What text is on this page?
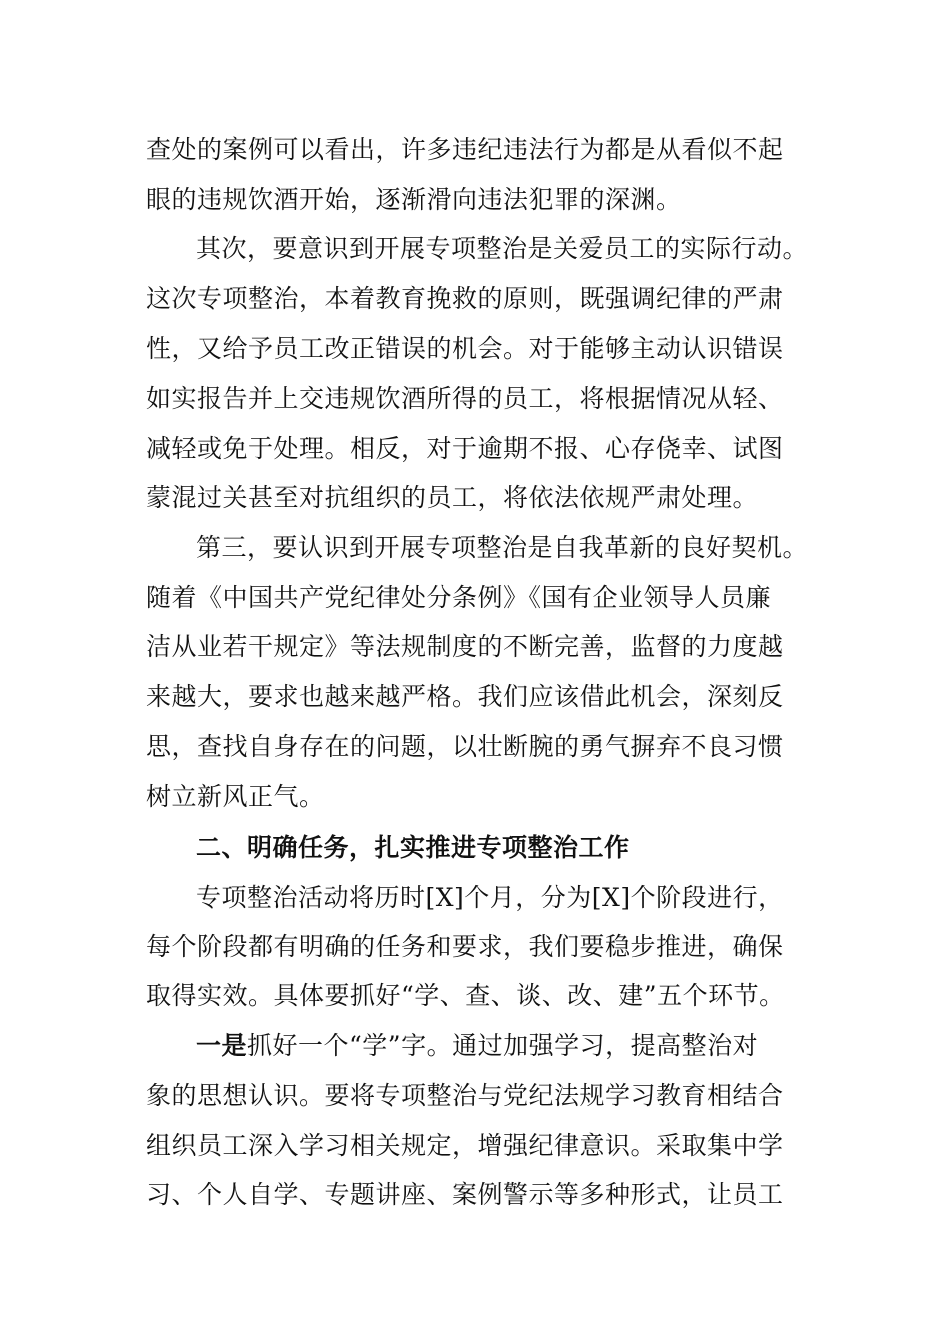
查处的案例可以看出，许多违纪违法行为都是从看似不起
眼的违规饮酒开始，逐渐滑向违法犯罪的深渊。
其次，要意识到开展专项整治是关爱员工的实际行动。
这次专项整治，本着教育挽救的原则，既强调纪律的严肃
性，又给予员工改正错误的机会。对于能够主动认识错误
如实报告并上交违规饮酒所得的员工，将根据情况从轻、
减轻或免于处理。相反，对于逾期不报、心存侥幸、试图
蒙混过关甚至对抗组织的员工，将依法依规严肃处理。
第三，要认识到开展专项整治是自我革新的良好契机。
随着《中国共产党纪律处分条例》《国有企业领导人员廉
洁从业若干规定》等法规制度的不断完善，监督的力度越
来越大，要求也越来越严格。我们应该借此机会，深刻反
思，查找自身存在的问题，以壮断腕的勇气摒弃不良习惯
树立新风正气。
二、明确任务，扎实推进专项整治工作
专项整治活动将历时[X]个月，分为[X]个阶段进行，
每个阶段都有明确的任务和要求，我们要稳步推进，确保
取得实效。具体要抓好“学、查、谈、改、建”五个环节。
一是抓好一个“学”字。通过加强学习，提高整治对
象的思想认识。要将专项整治与党纪法规学习教育相结合
组织员工深入学习相关规定，增强纪律意识。采取集中学
习、个人自学、专题讲座、案例警示等多种形式，让员工
